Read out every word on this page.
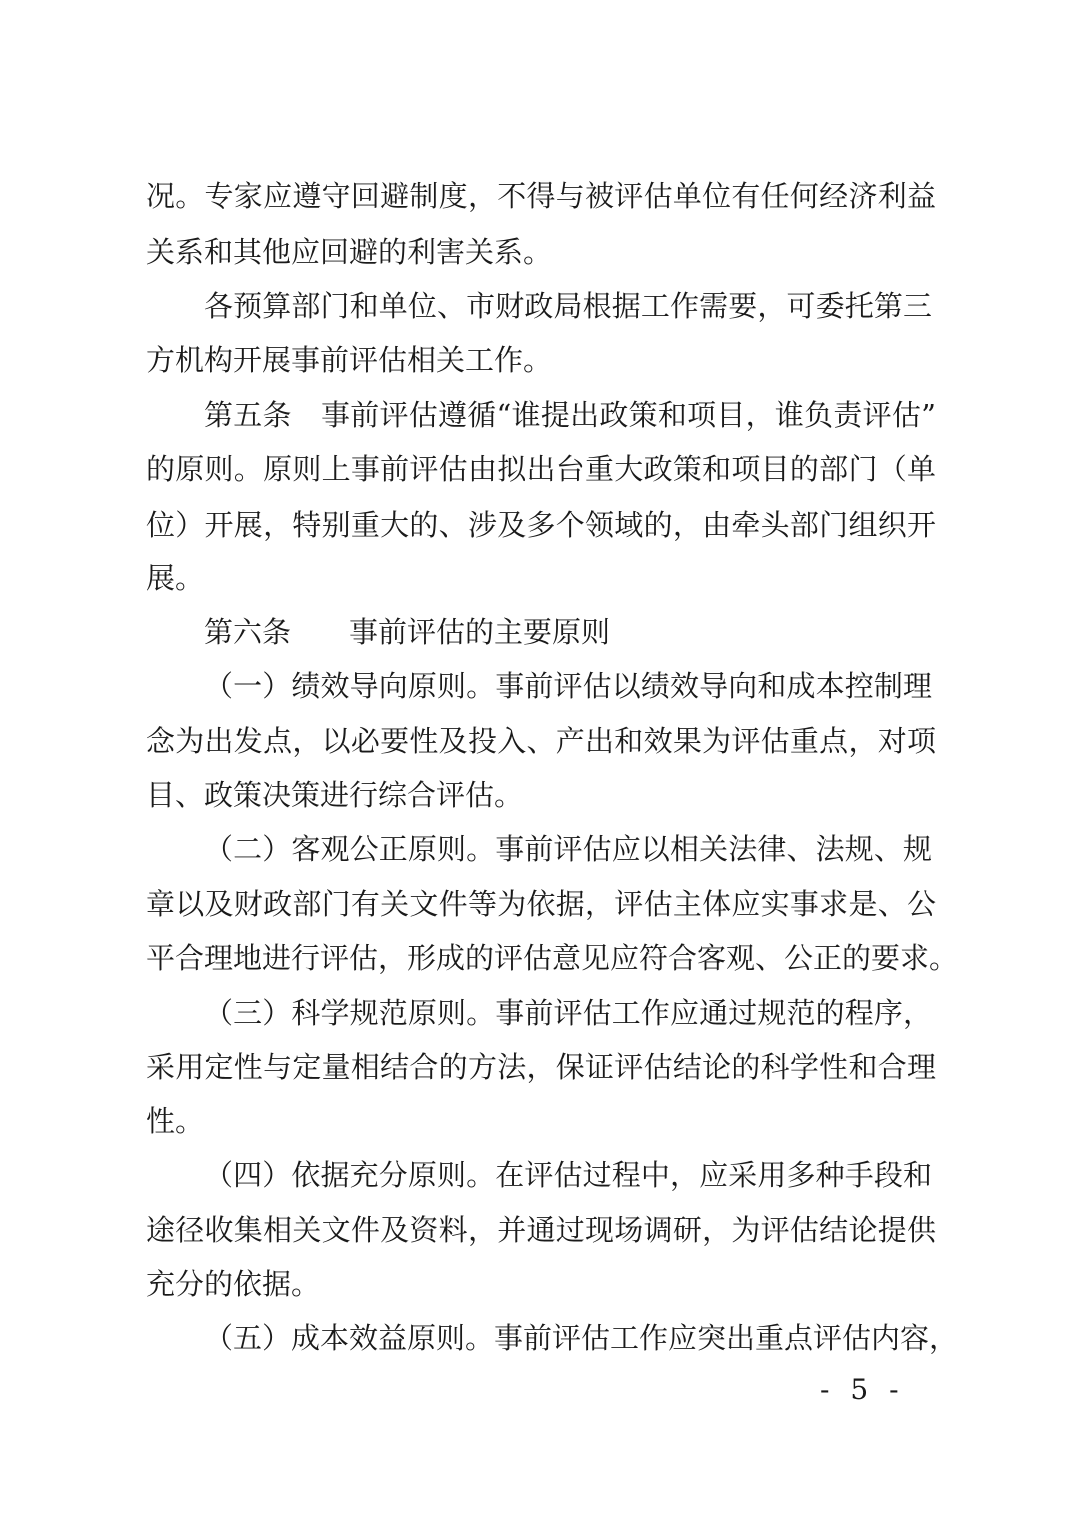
况。专家应遵守回避制度，不得与被评估单位有任何经济利益
关系和其他应回避的利害关系。
各预算部门和单位、市财政局根据工作需要，可委托第三
方机构开展事前评估相关工作。
第五条　事前评估遵循“谁提出政策和项目，谁负责评估”
的原则。原则上事前评估由拟出台重大政策和项目的部门（单
位）开展，特别重大的、涉及多个领域的，由牵头部门组织开
展。
第六条　　事前评估的主要原则
（一）绩效导向原则。事前评估以绩效导向和成本控制理
念为出发点，以必要性及投入、产出和效果为评估重点，对项
目、政策决策进行综合评估。
（二）客观公正原则。事前评估应以相关法律、法规、规
章以及财政部门有关文件等为依据，评估主体应实事求是、公
平合理地进行评估，形成的评估意见应符合客观、公正的要求。
（三）科学规范原则。事前评估工作应通过规范的程序，
采用定性与定量相结合的方法，保证评估结论的科学性和合理
性。
（四）依据充分原则。在评估过程中，应采用多种手段和
途径收集相关文件及资料，并通过现场调研，为评估结论提供
充分的依据。
（五）成本效益原则。事前评估工作应突出重点评估内容，
- 5 -
